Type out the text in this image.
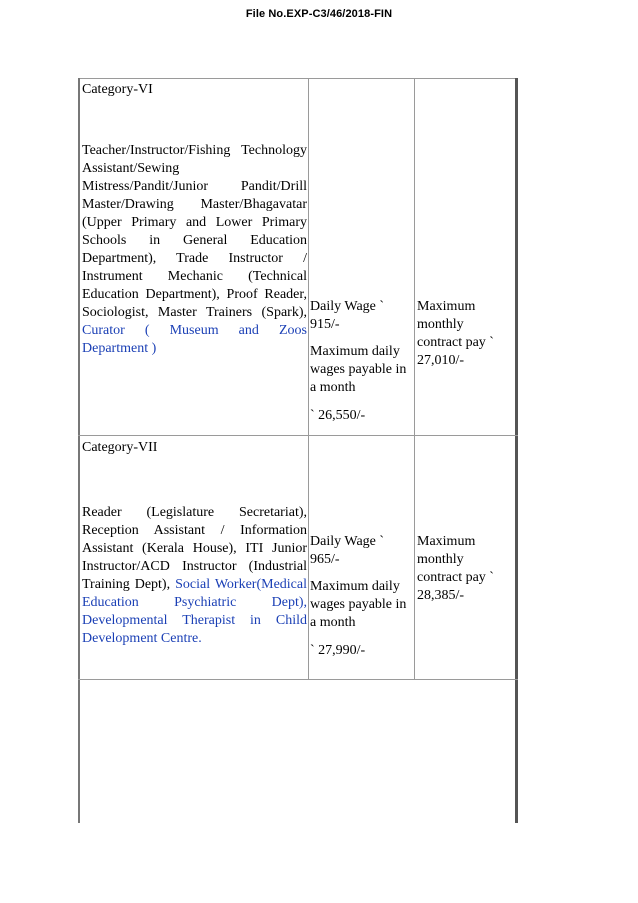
File No.EXP-C3/46/2018-FIN
Category-VI
Teacher/Instructor/Fishing Technology Assistant/Sewing Mistress/Pandit/Junior Pandit/Drill Master/Drawing Master/Bhagavatar (Upper Primary and Lower Primary Schools in General Education Department), Trade Instructor / Instrument Mechanic (Technical Education Department), Proof Reader, Sociologist, Master Trainers (Spark), Curator ( Museum and Zoos Department )

Daily Wage ` 915/-

Maximum daily wages payable in a month

` 26,550/-

Maximum monthly contract pay ` 27,010/-

Category-VII
Reader (Legislature Secretariat), Reception Assistant / Information Assistant (Kerala House), ITI Junior Instructor/ACD Instructor (Industrial Training Dept), Social Worker(Medical Education Psychiatric Dept), Developmental Therapist in Child Development Centre.

Daily Wage ` 965/-

Maximum daily wages payable in a month

` 27,990/-

Maximum monthly contract pay ` 28,385/-
